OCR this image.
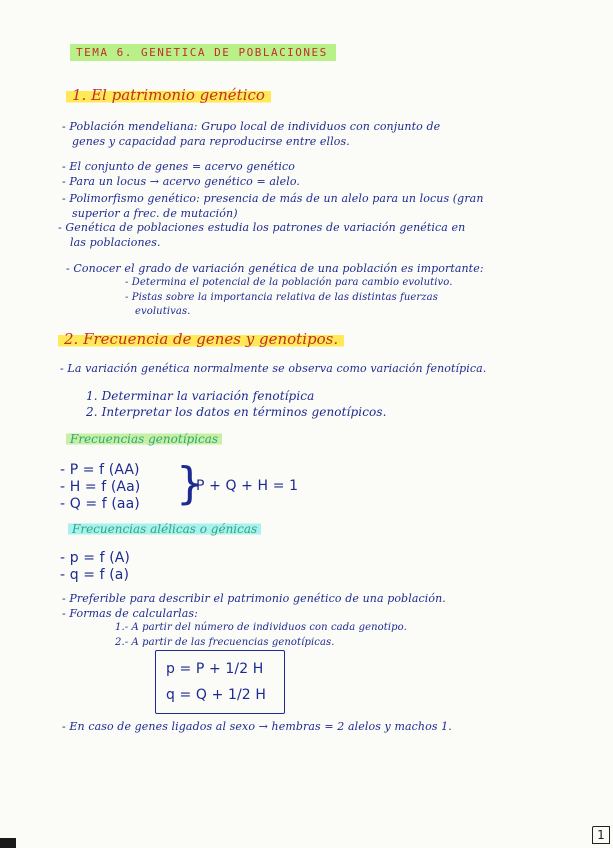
TEMA 6. GENETICA DE POBLACIONES
1. El patrimonio genético
- Población mendeliana: Grupo local de individuos con conjunto de
genes y capacidad para reproducirse entre ellos.
- El conjunto de genes = acervo genético
- Para un locus → acervo genético = alelo.
- Polimorfismo genético: presencia de más de un alelo para un locus (gran
superior a frec. de mutación)
- Genética de poblaciones estudia los patrones de variación genética en
las poblaciones.
- Conocer el grado de variación genética de una población es importante:
- Determina el potencial de la población para cambio evolutivo.
- Pistas sobre la importancia relativa de las distintas fuerzas
evolutivas.
2. Frecuencia de genes y genotipos.
- La variación genética normalmente se observa como variación fenotípica.
1. Determinar la variación fenotípica
2. Interpretar los datos en términos genotípicos.
Frecuencias genotípicas
- P = f (AA)
- H = f (Aa)
- Q = f (aa) }
P + Q + H = 1
Frecuencias alélicas o génicas
- p = f (A)
- q = f (a)
- Preferible para describir el patrimonio genético de una población.
- Formas de calcularlas:
1.- A partir del número de individuos con cada genotipo.
2.- A partir de las frecuencias genotípicas.
p = P + 1/2 H
q = Q + 1/2 H
- En caso de genes ligados al sexo → hembras = 2 alelos y machos 1.
1
